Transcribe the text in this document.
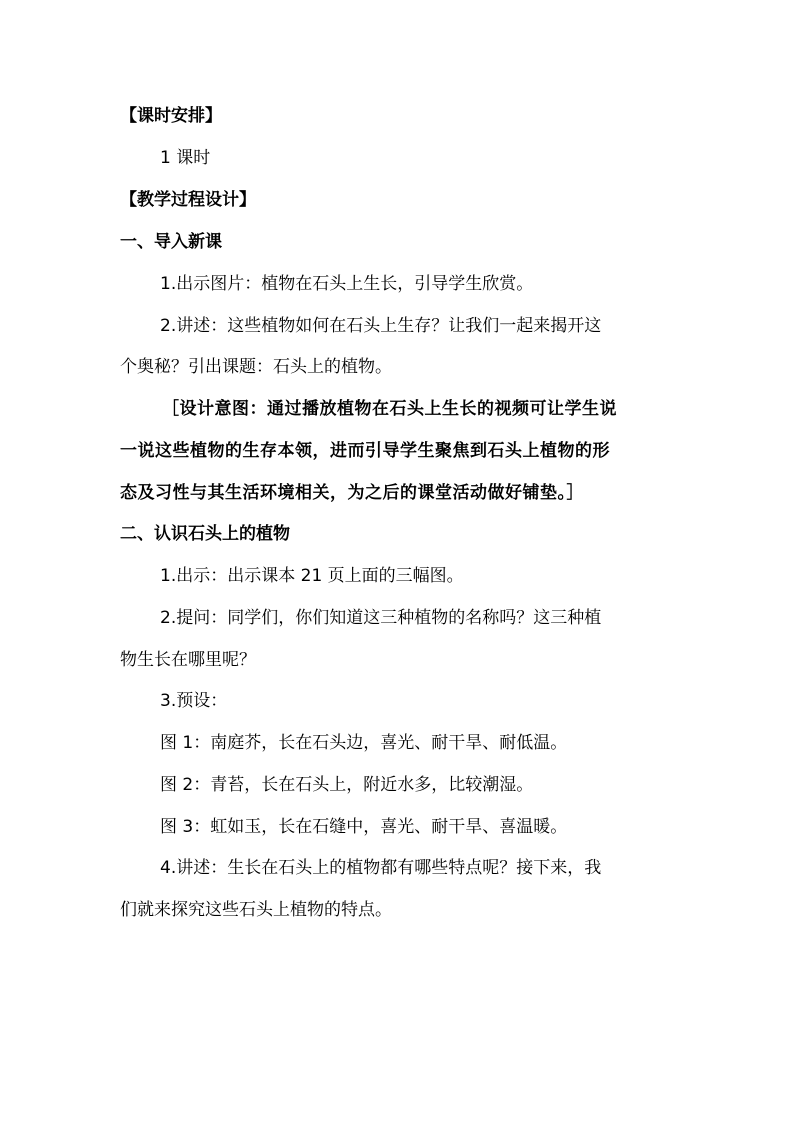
【课时安排】
1 课时
【教学过程设计】
一、导入新课
1.出示图片：植物在石头上生长，引导学生欣赏。
2.讲述：这些植物如何在石头上生存？让我们一起来揭开这
个奥秘？引出课题：石头上的植物。
［设计意图：通过播放植物在石头上生长的视频可让学生说
一说这些植物的生存本领，进而引导学生聚焦到石头上植物的形
态及习性与其生活环境相关，为之后的课堂活动做好铺垫。］
二、认识石头上的植物
1.出示：出示课本 21 页上面的三幅图。
2.提问：同学们，你们知道这三种植物的名称吗？这三种植
物生长在哪里呢？
3.预设：
图 1：南庭芥，长在石头边，喜光、耐干旱、耐低温。
图 2：青苔，长在石头上，附近水多，比较潮湿。
图 3：虹如玉，长在石缝中，喜光、耐干旱、喜温暖。
4.讲述：生长在石头上的植物都有哪些特点呢？接下来，我
们就来探究这些石头上植物的特点。
